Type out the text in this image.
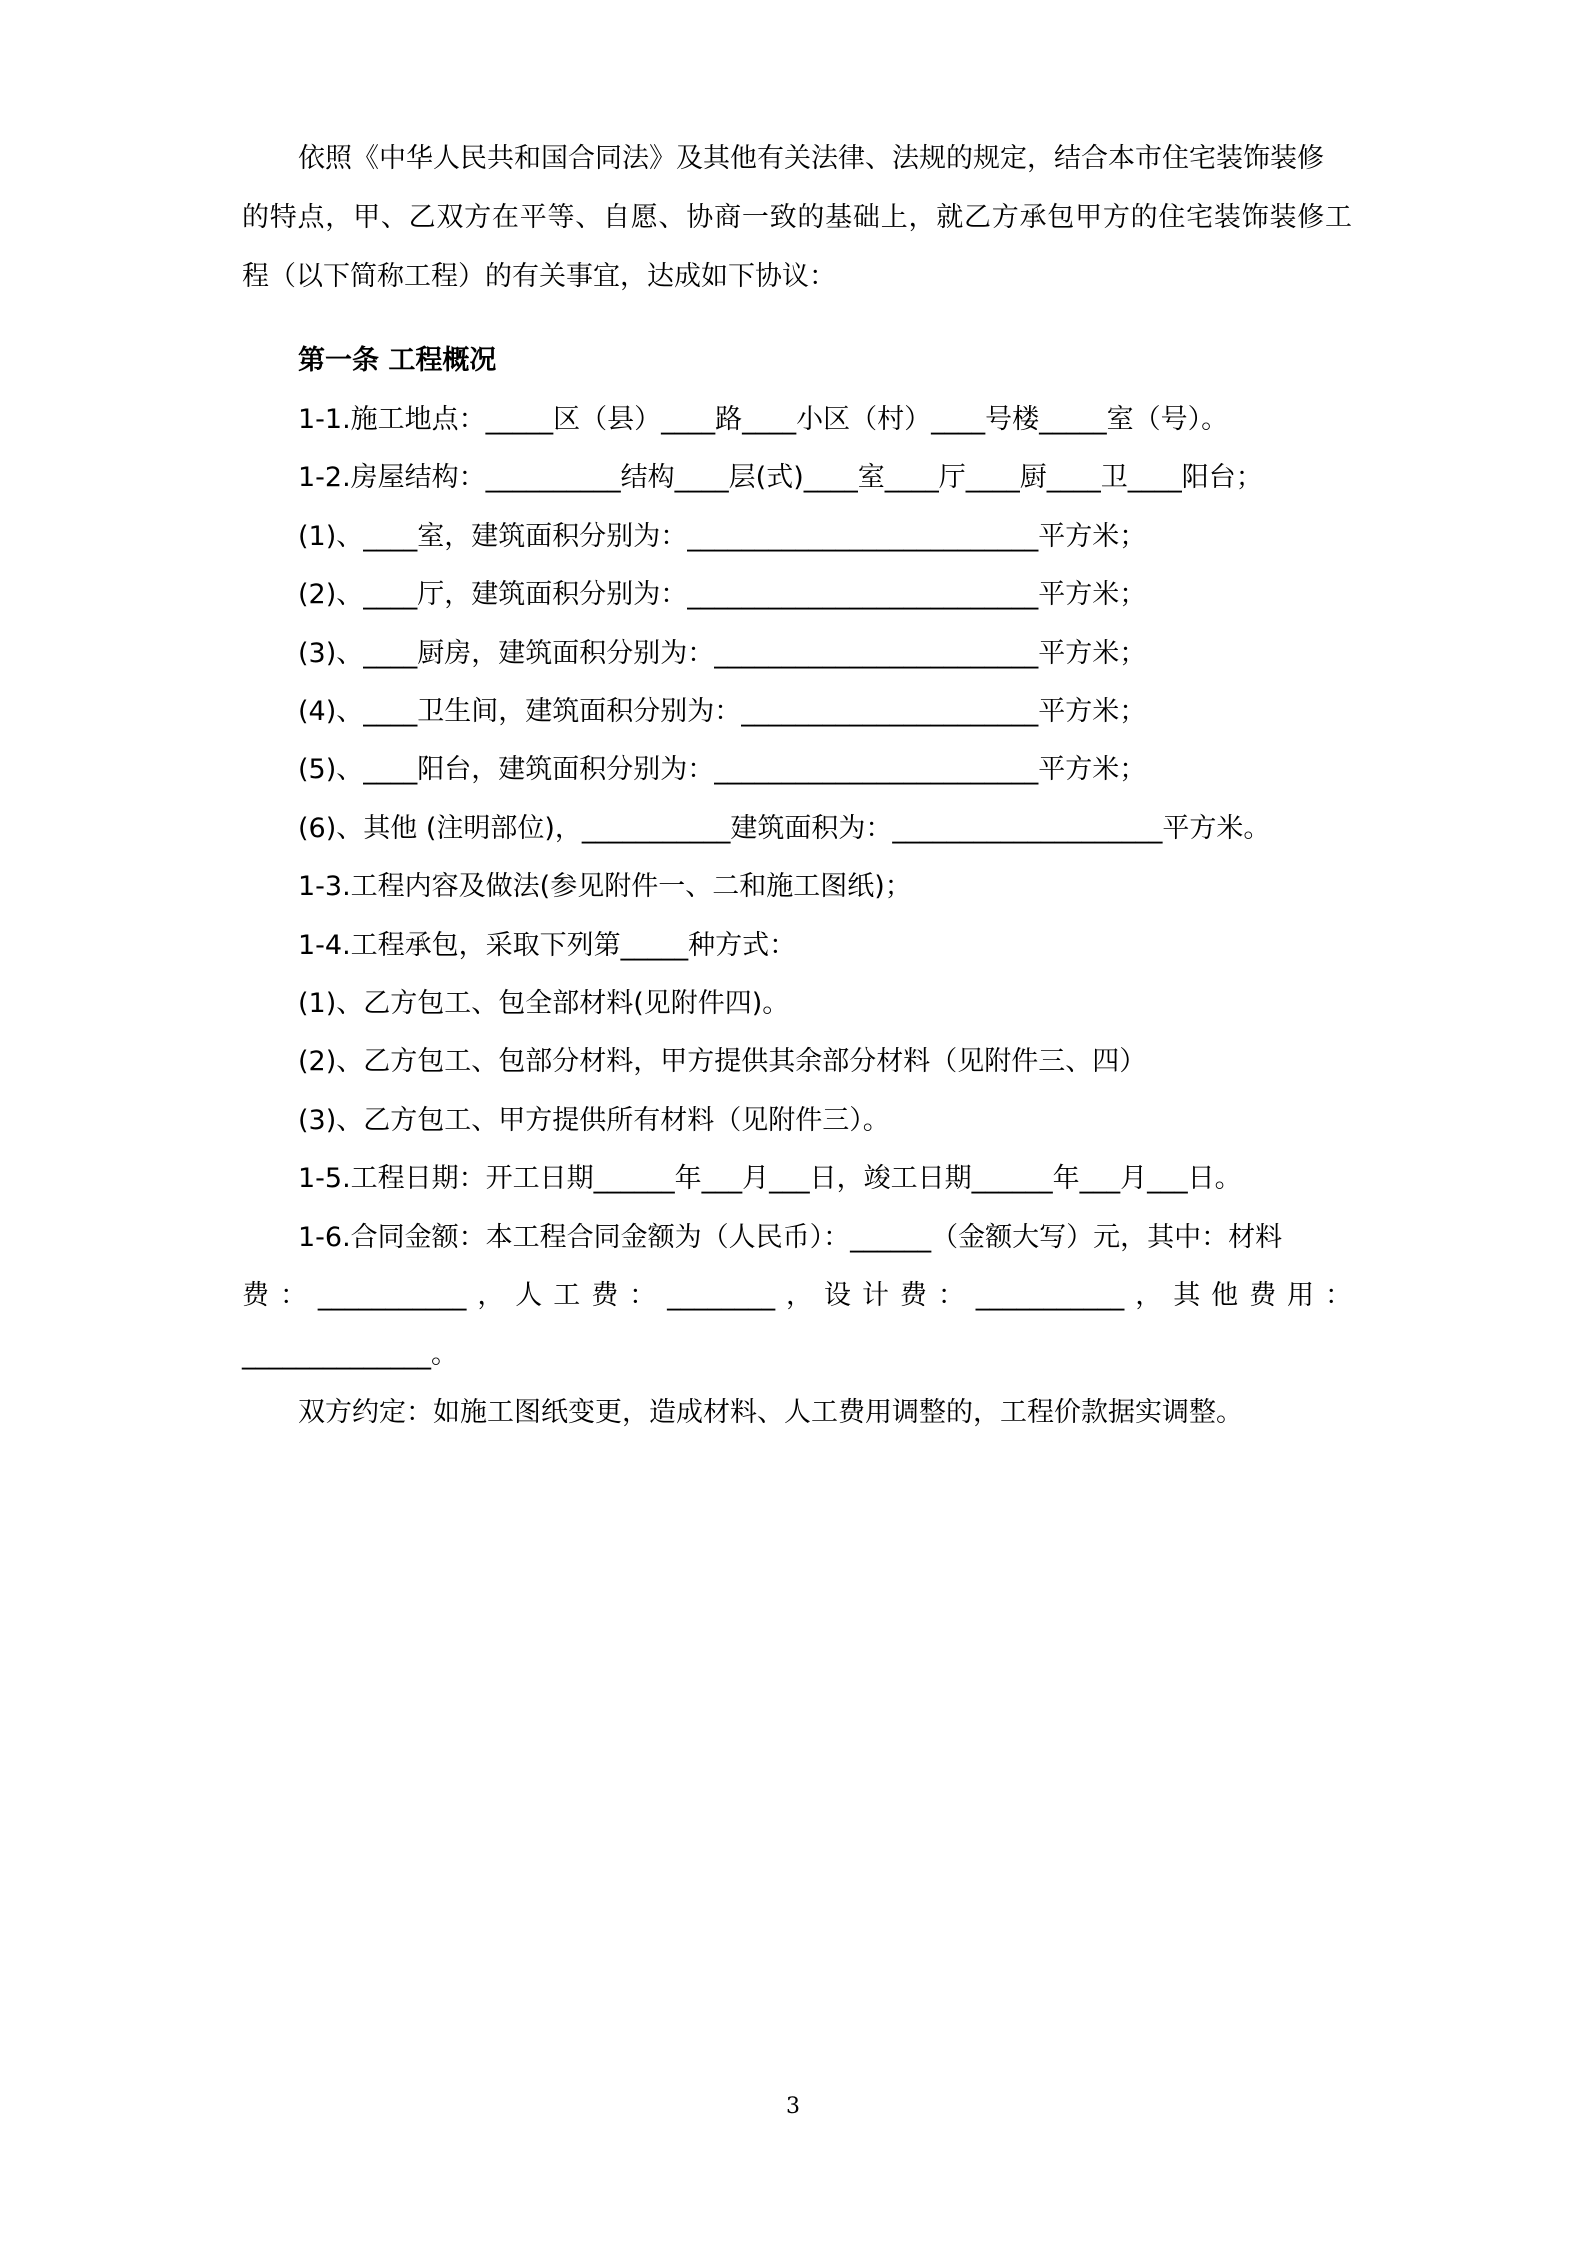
依照《中华人民共和国合同法》及其他有关法律、法规的规定，结合本市住宅装饰装修
的特点，甲、乙双方在平等、自愿、协商一致的基础上，就乙方承包甲方的住宅装饰装修工
程（以下简称工程）的有关事宜，达成如下协议：
第一条 工程概况
1-1.施工地点：_____区（县）____路____小区（村）____号楼_____室（号）。
1-2.房屋结构：__________结构____层(式)____室____厅____厨____卫____阳台；
(1)、____室，建筑面积分别为：__________________________平方米；
(2)、____厅，建筑面积分别为：__________________________平方米；
(3)、____厨房，建筑面积分别为：________________________平方米；
(4)、____卫生间，建筑面积分别为：______________________平方米；
(5)、____阳台，建筑面积分别为：________________________平方米；
(6)、其他 (注明部位)，___________建筑面积为：____________________平方米。
1-3.工程内容及做法(参见附件一、二和施工图纸)；
1-4.工程承包，采取下列第_____种方式：
(1)、乙方包工、包全部材料(见附件四)。
(2)、乙方包工、包部分材料，甲方提供其余部分材料（见附件三、四）
(3)、乙方包工、甲方提供所有材料（见附件三）。
1-5.工程日期：开工日期______年___月___日，竣工日期______年___月___日。
1-6.合同金额：本工程合同金额为（人民币）：______（金额大写）元，其中：材料
费：___________，人工费：________，设计费：___________，其他费用：
______________。
双方约定：如施工图纸变更，造成材料、人工费用调整的，工程价款据实调整。
3
